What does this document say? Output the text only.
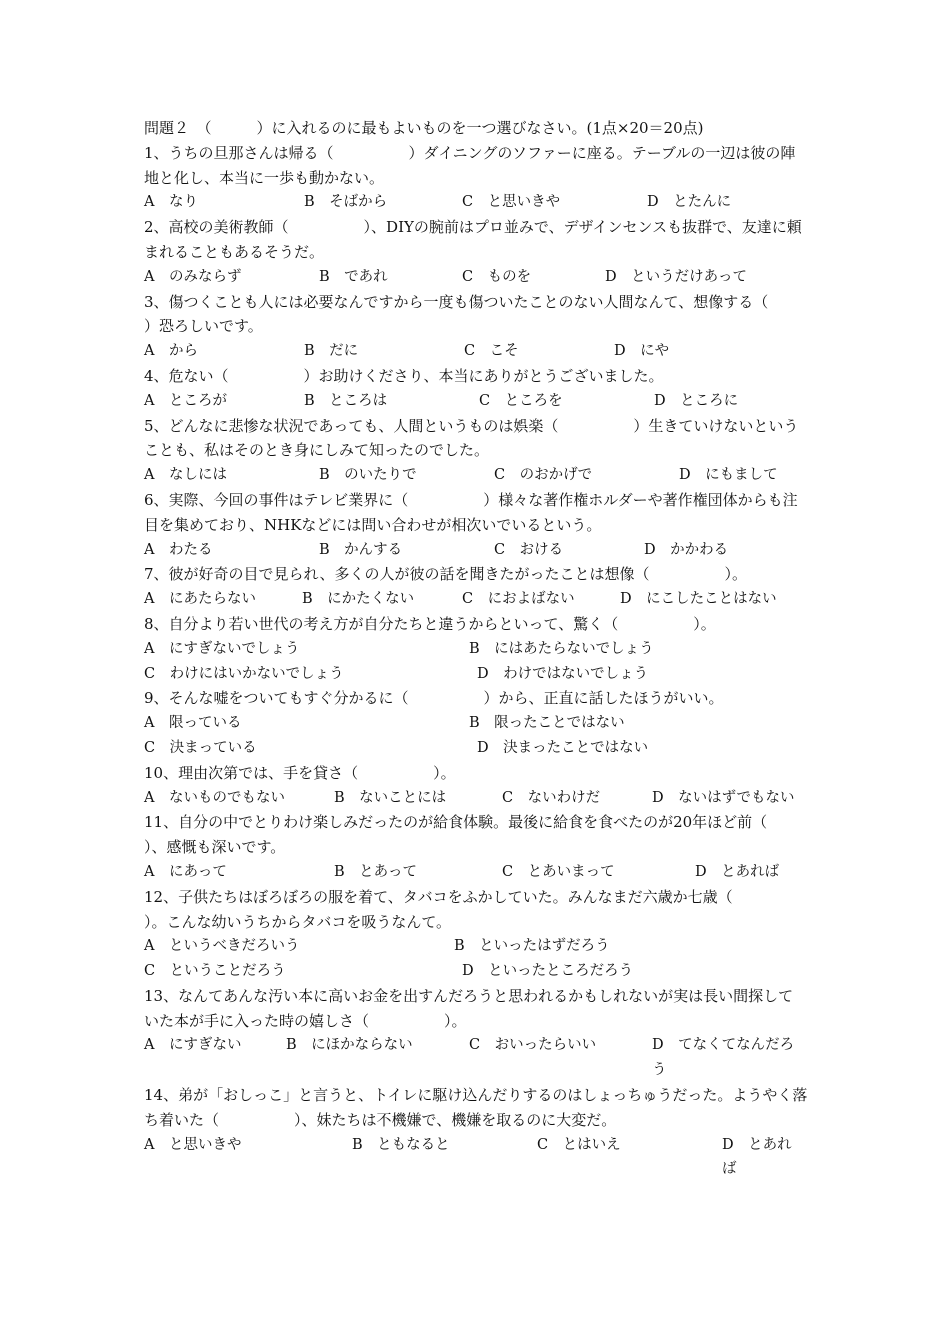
問題２　（　　　）に入れるのに最もよいものを一つ選びなさい。(1点×20＝20点)
1、うちの旦那さんは帰る（　　　　　）ダイニングのソファーに座る。テーブルの一辺は彼の陣地と化し、本当に一歩も動かない。
A　なり	B　そばから	C　と思いきや	D　とたんに
2、高校の美術教師（　　　　　）、DIYの腕前はプロ並みで、デザインセンスも抜群で、友達に頼まれることもあるそうだ。
A　のみならず	B　であれ	C　ものを	D　というだけあって
3、傷つくことも人には必要なんですから一度も傷ついたことのない人間なんて、想像する（　　　　　）恐ろしいです。
A　から	B　だに	C　こそ	D　にや
4、危ない（　　　　　）お助けくださり、本当にありがとうございました。
A　ところが	B　ところは	C　ところを	D　ところに
5、どんなに悲惨な状況であっても、人間というものは娯楽（　　　　　）生きていけないということも、私はそのとき身にしみて知ったのでした。
A　なしには	B　のいたりで	C　のおかげで	D　にもまして
6、実際、今回の事件はテレビ業界に（　　　　　）様々な著作権ホルダーや著作権団体からも注目を集めており、NHKなどには問い合わせが相次いでいるという。
A　わたる	B　かんする	C　おける	D　かかわる
7、彼が好奇の目で見られ、多くの人が彼の話を聞きたがったことは想像（　　　　　）。
A　にあたらない	B　にかたくない	C　におよばない	D　にこしたことはない
8、自分より若い世代の考え方が自分たちと違うからといって、驚く（　　　　　）。
A　にすぎないでしょう	B　にはあたらないでしょう
C　わけにはいかないでしょう	D　わけではないでしょう
9、そんな嘘をついてもすぐ分かるに（　　　　　）から、正直に話したほうがいい。
A　限っている	B　限ったことではない
C　決まっている	D　決まったことではない
10、理由次第では、手を貸さ（　　　　　）。
A　ないものでもない	B　ないことには	C　ないわけだ	D　ないはずでもない
11、自分の中でとりわけ楽しみだったのが給食体験。最後に給食を食べたのが20年ほど前（　　　　　）、感慨も深いです。
A　にあって	B　とあって	C　とあいまって	D　とあれば
12、子供たちはぼろぼろの服を着て、タバコをふかしていた。みんなまだ六歳か七歳（　　　　　）。こんな幼いうちからタバコを吸うなんて。
A　というべきだろいう	B　といったはずだろう
C　ということだろう	D　といったところだろう
13、なんてあんな汚い本に高いお金を出すんだろうと思われるかもしれないが実は長い間探していた本が手に入った時の嬉しさ（　　　　　）。
A　にすぎない	B　にほかならない	C　おいったらいい	D　てなくてなんだろう
14、弟が「おしっこ」と言うと、トイレに駆け込んだりするのはしょっちゅうだった。ようやく落ち着いた（　　　　　）、妹たちは不機嫌で、機嫌を取るのに大変だ。
A　と思いきや	B　ともなると	C　とはいえ	D　とあれば
